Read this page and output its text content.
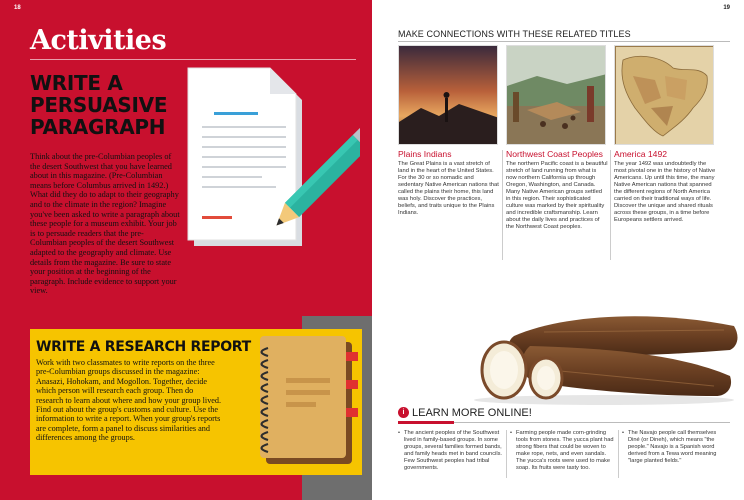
18
Activities
WRITE A PERSUASIVE PARAGRAPH
Think about the pre-Columbian peoples of the desert Southwest that you have learned about in this magazine. (Pre-Columbian means before Columbus arrived in 1492.) What did they do to adapt to their geography and to the climate in the region? Imagine you've been asked to write a paragraph about these people for a museum exhibit. Your job is to persuade readers that the pre-Columbian peoples of the desert Southwest adapted to the geography and climate. Use details from the magazine. Be sure to state your position at the beginning of the paragraph. Include evidence to support your view.
WRITE A RESEARCH REPORT
Work with two classmates to write reports on the three pre-Columbian groups discussed in the magazine: Anasazi, Hohokam, and Mogollon. Together, decide which person will research each group. Then do research to learn about where and how your group lived. Find out about the group's customs and culture. Use the information to write a report. When your group's reports are complete, form a panel to discuss similarities and differences among the groups.
19
MAKE CONNECTIONS WITH THESE RELATED TITLES
Plains Indians
The Great Plains is a vast stretch of land in the heart of the United States. For the 30 or so nomadic and sedentary Native American nations that called the plains their home, this land was holy. Discover the practices, beliefs, and traits unique to the Plains Indians.
Northwest Coast Peoples
The northern Pacific coast is a beautiful stretch of land running from what is now northern California up through Oregon, Washington, and Canada. Many Native American groups settled in this region. Their sophisticated culture was marked by their spirituality and incredible craftsmanship. Learn about the daily lives and practices of the Northwest Coast peoples.
America 1492
The year 1492 was undoubtedly the most pivotal one in the history of Native Americans. Up until this time, the many Native American nations that spanned the different regions of North America carried on their traditional ways of life. Discover the unique and shared rituals across these groups, in a time before Europeans settlers arrived.
i LEARN MORE ONLINE!
• The ancient peoples of the Southwest lived in family-based groups. In some groups, several families formed bands, and family heads met in band councils. Few Southwest peoples had tribal governments.
• Farming people made corn-grinding tools from stones. The yucca plant had strong fibers that could be woven to make rope, nets, and even sandals. The yucca's roots were used to make soap. Its fruits were tasty too.
• The Navajo people call themselves Diné (or Dineh), which means "the people." Navajo is a Spanish word derived from a Tewa word meaning "large planted fields."
